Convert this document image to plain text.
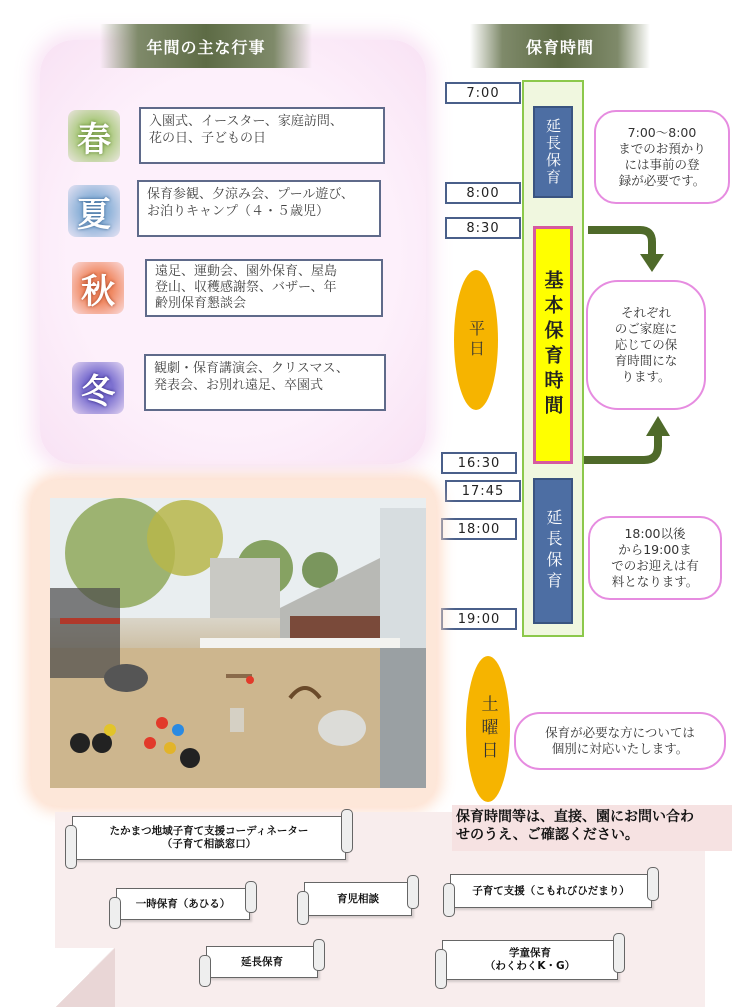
年間の主な行事
春	入園式、イースター、家庭訪問、
花の日、子どもの日
夏	保育参観、夕涼み会、プール遊び、
お泊りキャンプ（４・５歳児）
秋	遠足、運動会、園外保育、屋島
登山、収穫感謝祭、バザー、年
齢別保育懇談会
冬
観劇・保育講演会、クリスマス、
発表会、お別れ遠足、卒園式
保育時間
7:00
8:00
8:30
16:30
17:45
18:00
19:00
延長保育
基本保育時間
延長保育
平日
土曜日
7:00〜8:00
までのお預かり
には事前の登
録が必要です。
それぞれ
のご家庭に
応じての保
育時間にな
ります。
18:00以後
から19:00ま
でのお迎えは有
料となります。
保育が必要な方については
個別に対応いたします。
保育時間等は、直接、園にお問い合わ
せのうえ、ご確認ください。
たかまつ地域子育て支援コーディネーター
（子育て相談窓口）
一時保育（あひる）	育児相談
子育て支援（こもれびひだまり）
延長保育
学童保育
（わくわくK・G）
